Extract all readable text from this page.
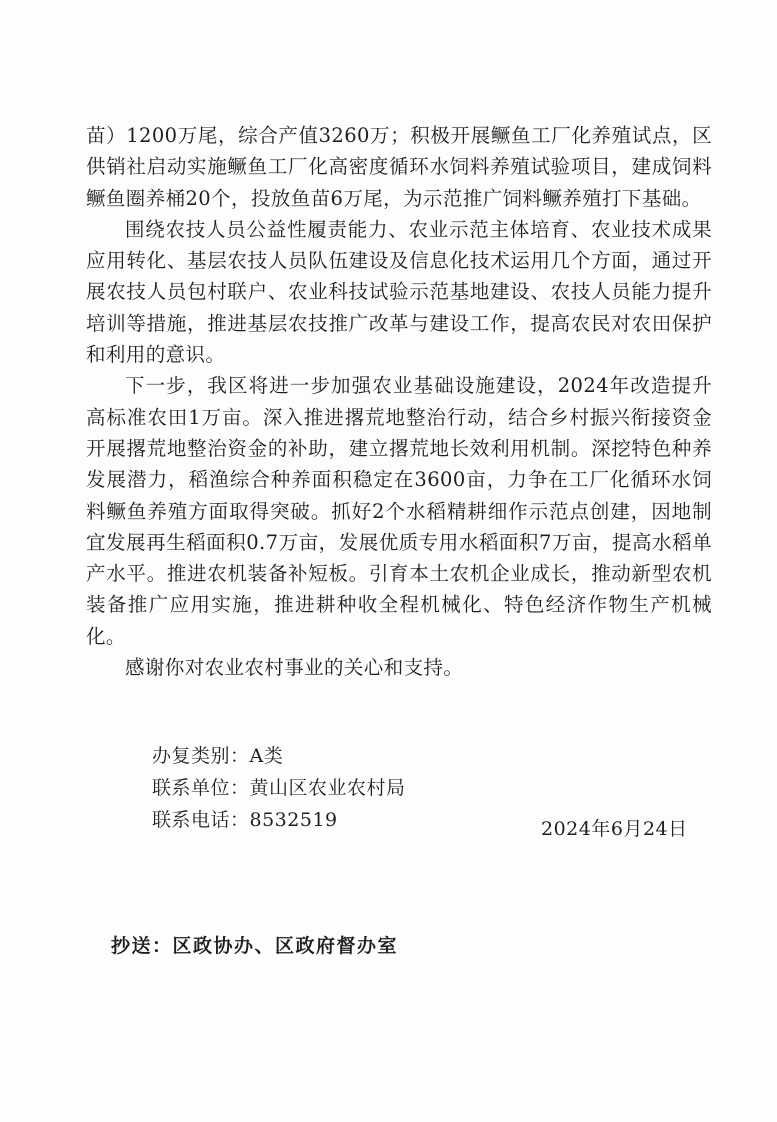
苗）1200万尾，综合产值3260万；积极开展鳜鱼工厂化养殖试点，区供销社启动实施鳜鱼工厂化高密度循环水饲料养殖试验项目，建成饲料鳜鱼圈养桶20个，投放鱼苗6万尾，为示范推广饲料鳜养殖打下基础。

围绕农技人员公益性履责能力、农业示范主体培育、农业技术成果应用转化、基层农技人员队伍建设及信息化技术运用几个方面，通过开展农技人员包村联户、农业科技试验示范基地建设、农技人员能力提升培训等措施，推进基层农技推广改革与建设工作，提高农民对农田保护和利用的意识。

下一步，我区将进一步加强农业基础设施建设，2024年改造提升高标准农田1万亩。深入推进撂荒地整治行动，结合乡村振兴衔接资金开展撂荒地整治资金的补助，建立撂荒地长效利用机制。深挖特色种养发展潜力，稻渔综合种养面积稳定在3600亩，力争在工厂化循环水饲料鳜鱼养殖方面取得突破。抓好2个水稻精耕细作示范点创建，因地制宜发展再生稻面积0.7万亩，发展优质专用水稻面积7万亩，提高水稻单产水平。推进农机装备补短板。引育本土农机企业成长，推动新型农机装备推广应用实施，推进耕种收全程机械化、特色经济作物生产机械化。

感谢你对农业农村事业的关心和支持。

办复类别：A类
联系单位：黄山区农业农村局
联系电话：8532519	2024年6月24日
抄送：区政协办、区政府督办室
